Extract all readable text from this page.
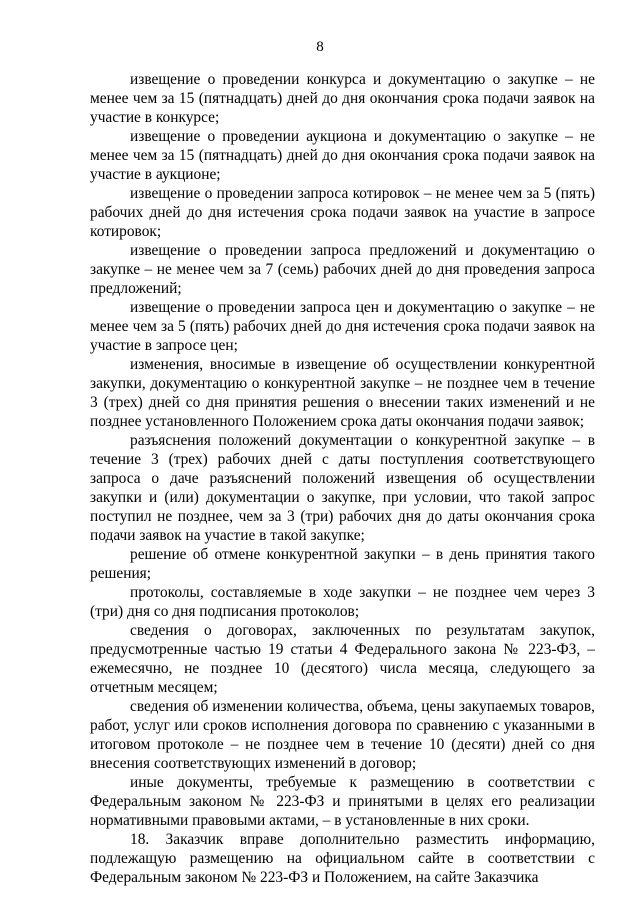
8

извещение о проведении конкурса и документацию о закупке – не менее чем за 15 (пятнадцать) дней до дня окончания срока подачи заявок на участие в конкурсе;

извещение о проведении аукциона и документацию о закупке – не менее чем за 15 (пятнадцать) дней до дня окончания срока подачи заявок на участие в аукционе;

извещение о проведении запроса котировок – не менее чем за 5 (пять) рабочих дней до дня истечения срока подачи заявок на участие в запросе котировок;

извещение о проведении запроса предложений и документацию о закупке – не менее чем за 7 (семь) рабочих дней до дня проведения запроса предложений;

извещение о проведении запроса цен и документацию о закупке – не менее чем за 5 (пять) рабочих дней до дня истечения срока подачи заявок на участие в запросе цен;

изменения, вносимые в извещение об осуществлении конкурентной закупки, документацию о конкурентной закупке – не позднее чем в течение 3 (трех) дней со дня принятия решения о внесении таких изменений и не позднее установленного Положением срока даты окончания подачи заявок;

разъяснения положений документации о конкурентной закупке – в течение 3 (трех) рабочих дней с даты поступления соответствующего запроса о даче разъяснений положений извещения об осуществлении закупки и (или) документации о закупке, при условии, что такой запрос поступил не позднее, чем за 3 (три) рабочих дня до даты окончания срока подачи заявок на участие в такой закупке;

решение об отмене конкурентной закупки – в день принятия такого решения;

протоколы, составляемые в ходе закупки – не позднее чем через 3 (три) дня со дня подписания протоколов;

сведения о договорах, заключенных по результатам закупок, предусмотренные частью 19 статьи 4 Федерального закона № 223-ФЗ, – ежемесячно, не позднее 10 (десятого) числа месяца, следующего за отчетным месяцем;

сведения об изменении количества, объема, цены закупаемых товаров, работ, услуг или сроков исполнения договора по сравнению с указанными в итоговом протоколе – не позднее чем в течение 10 (десяти) дней со дня внесения соответствующих изменений в договор;

иные документы, требуемые к размещению в соответствии с Федеральным законом № 223-ФЗ и принятыми в целях его реализации нормативными правовыми актами, – в установленные в них сроки.

18. Заказчик вправе дополнительно разместить информацию, подлежащую размещению на официальном сайте в соответствии с Федеральным законом № 223-ФЗ и Положением, на сайте Заказчика
